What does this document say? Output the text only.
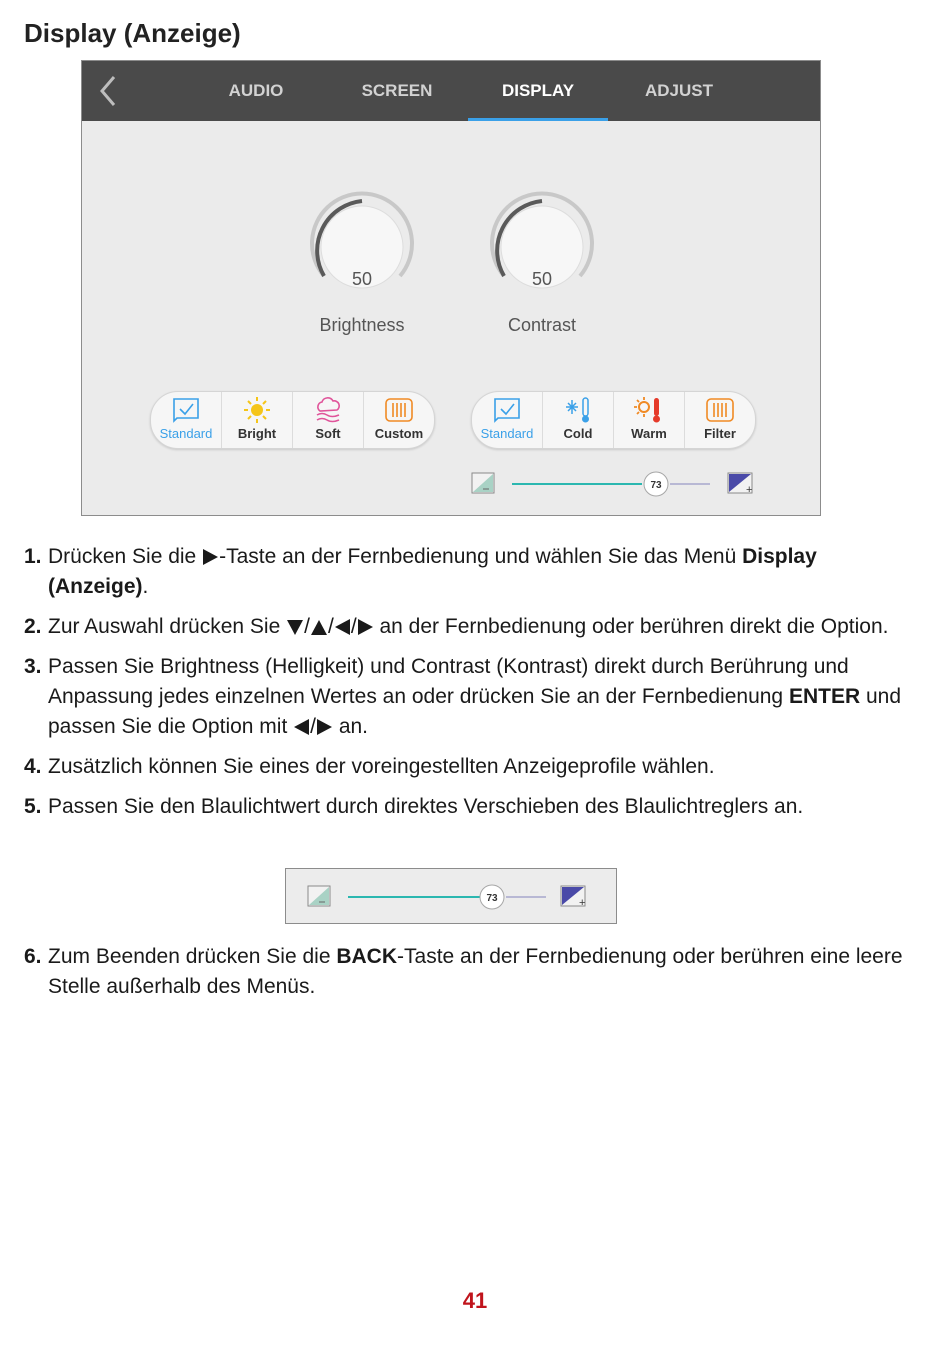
Display (Anzeige)
AUDIO	SCREEN	DISPLAY	ADJUST
50
Brightness
50
Contrast
Standard	Bright	Soft	Custom	Standard	Cold	Warm	Filter
73	+
1. Drücken Sie die -Taste an der Fernbedienung und wählen Sie das Menü Display (Anzeige).
2. Zur Auswahl drücken Sie / / / an der Fernbedienung oder berühren direkt die Option.
3. Passen Sie Brightness (Helligkeit) und Contrast (Kontrast) direkt durch Berührung und Anpassung jedes einzelnen Wertes an oder drücken Sie an der Fernbedienung ENTER und passen Sie die Option mit / an.
4. Zusätzlich können Sie eines der voreingestellten Anzeigeprofile wählen.
5. Passen Sie den Blaulichtwert durch direktes Verschieben des Blaulichtreglers an.
73	+
6. Zum Beenden drücken Sie die BACK-Taste an der Fernbedienung oder berühren eine leere Stelle außerhalb des Menüs.
41
